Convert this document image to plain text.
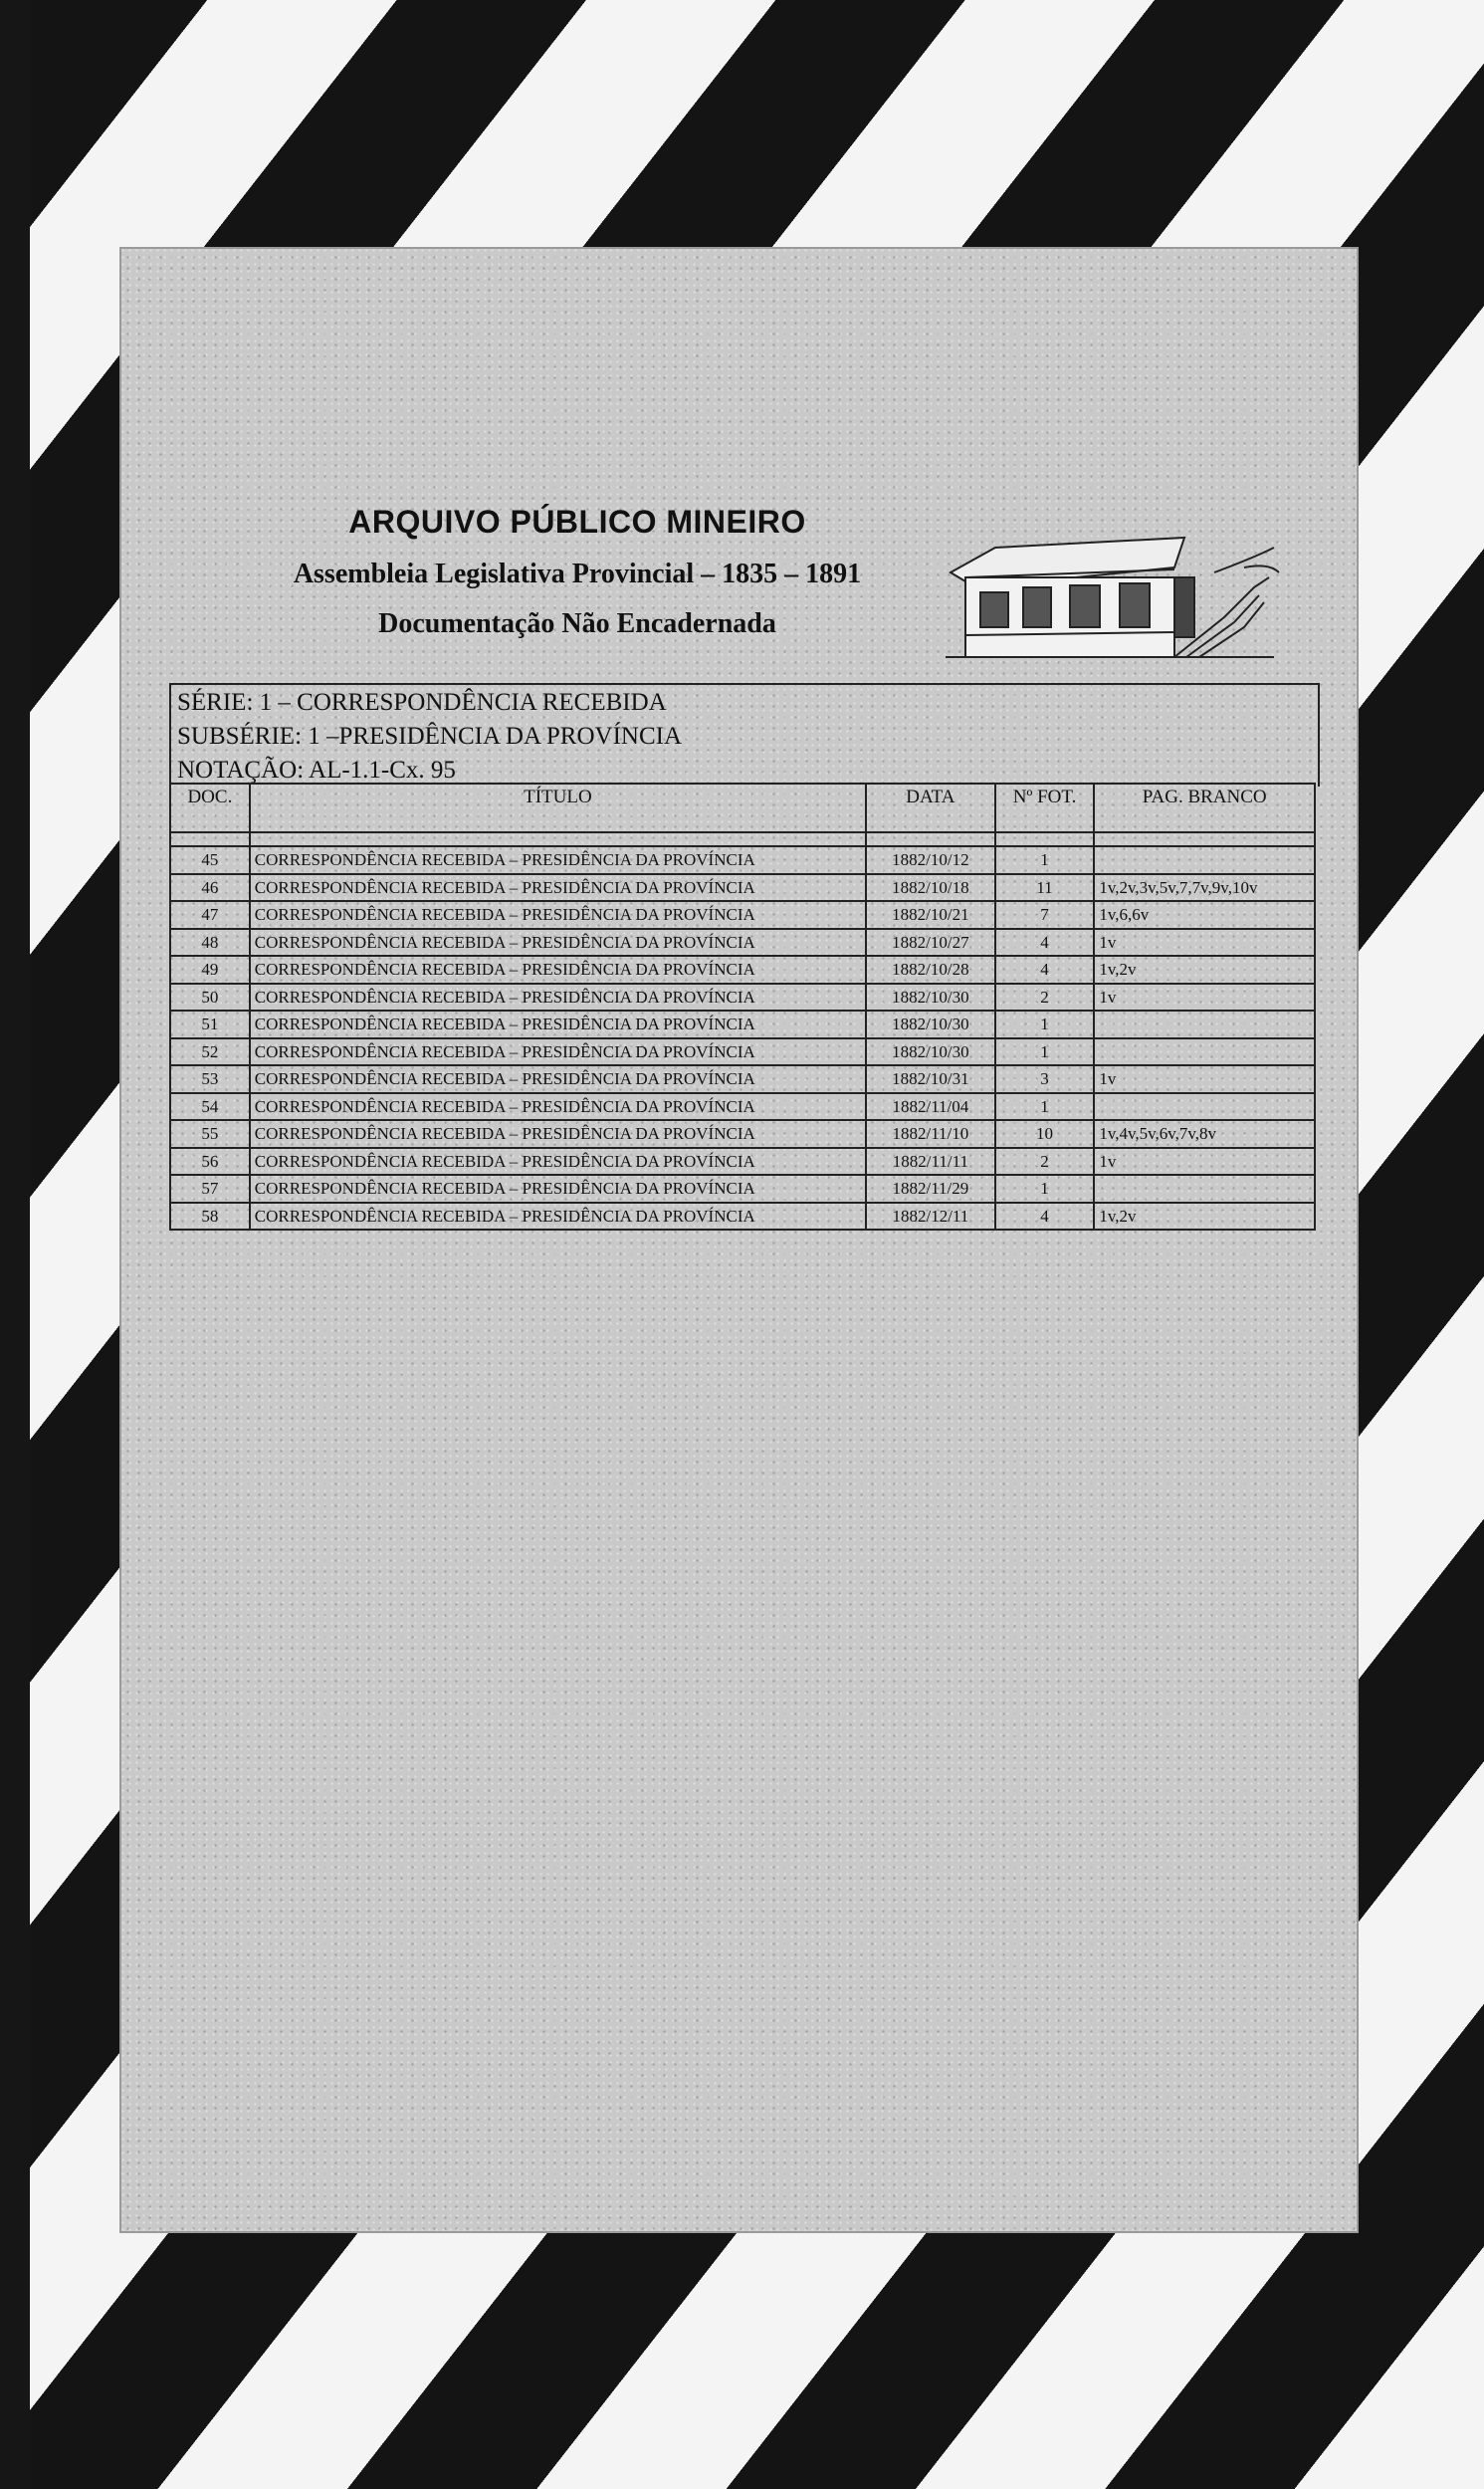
ARQUIVO PÚBLICO MINEIRO
Assembleia Legislativa Provincial – 1835 – 1891
Documentação Não Encadernada
SÉRIE: 1 – CORRESPONDÊNCIA RECEBIDA
SUBSÉRIE: 1 –PRESIDÊNCIA DA PROVÍNCIA
NOTAÇÃO: AL-1.1-Cx. 95
DOC.	TÍTULO	DATA	Nº FOT.	PAG. BRANCO

45	CORRESPONDÊNCIA RECEBIDA – PRESIDÊNCIA DA PROVÍNCIA	1882/10/12	1	
46	CORRESPONDÊNCIA RECEBIDA – PRESIDÊNCIA DA PROVÍNCIA	1882/10/18	11	1v,2v,3v,5v,7,7v,9v,10v
47	CORRESPONDÊNCIA RECEBIDA – PRESIDÊNCIA DA PROVÍNCIA	1882/10/21	7	1v,6,6v
48	CORRESPONDÊNCIA RECEBIDA – PRESIDÊNCIA DA PROVÍNCIA	1882/10/27	4	1v
49	CORRESPONDÊNCIA RECEBIDA – PRESIDÊNCIA DA PROVÍNCIA	1882/10/28	4	1v,2v
50	CORRESPONDÊNCIA RECEBIDA – PRESIDÊNCIA DA PROVÍNCIA	1882/10/30	2	1v
51	CORRESPONDÊNCIA RECEBIDA – PRESIDÊNCIA DA PROVÍNCIA	1882/10/30	1	
52	CORRESPONDÊNCIA RECEBIDA – PRESIDÊNCIA DA PROVÍNCIA	1882/10/30	1	
53	CORRESPONDÊNCIA RECEBIDA – PRESIDÊNCIA DA PROVÍNCIA	1882/10/31	3	1v
54	CORRESPONDÊNCIA RECEBIDA – PRESIDÊNCIA DA PROVÍNCIA	1882/11/04	1	
55	CORRESPONDÊNCIA RECEBIDA – PRESIDÊNCIA DA PROVÍNCIA	1882/11/10	10	1v,4v,5v,6v,7v,8v
56	CORRESPONDÊNCIA RECEBIDA – PRESIDÊNCIA DA PROVÍNCIA	1882/11/11	2	1v
57	CORRESPONDÊNCIA RECEBIDA – PRESIDÊNCIA DA PROVÍNCIA	1882/11/29	1	
58	CORRESPONDÊNCIA RECEBIDA – PRESIDÊNCIA DA PROVÍNCIA	1882/12/11	4	1v,2v
